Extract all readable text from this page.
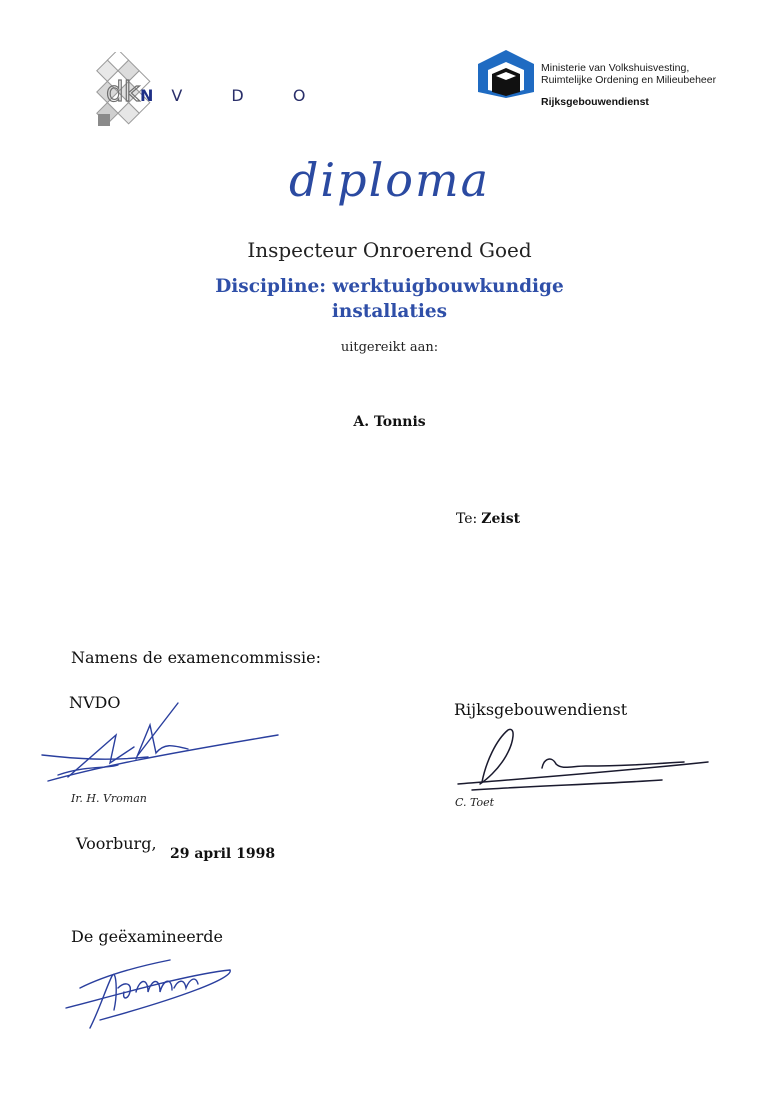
dk NV D O
Ministerie van Volkshuisvesting,
Ruimtelijke Ordening en Milieubeheer
Rijksgebouwendienst
diploma
Inspecteur Onroerend Goed
Discipline: werktuigbouwkundige
installaties
uitgereikt aan:
A. Tonnis
Te: Zeist
Namens de examencommissie:
NVDO	Rijksgebouwendienst
Ir. H. Vroman	C. Toet
Voorburg,
29 april 1998
De geëxamineerde
